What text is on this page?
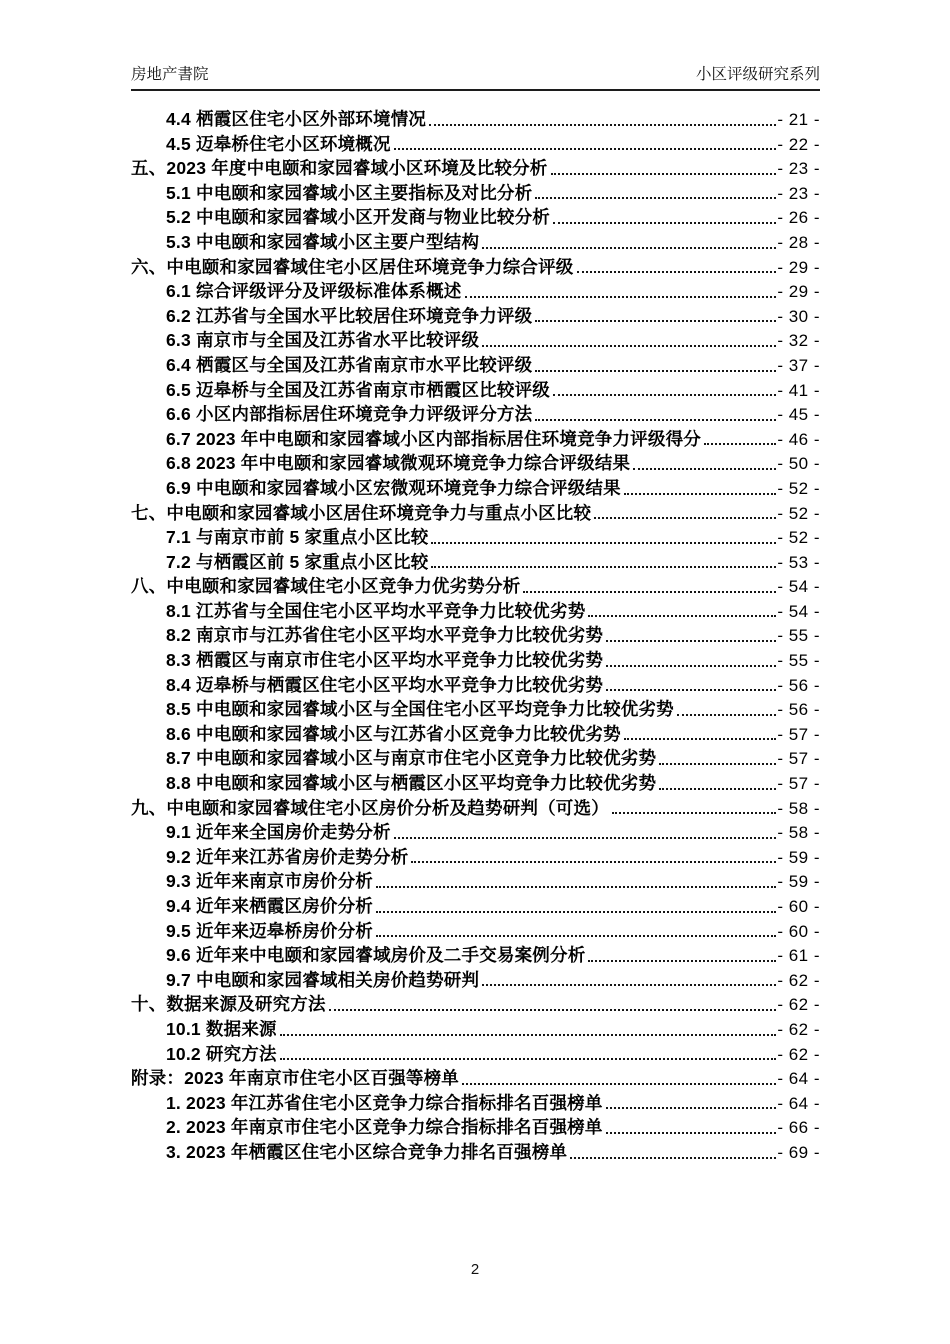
房地产書院	小区评级研究系列
4.4 栖霞区住宅小区外部环境情况	- 21 -
4.5 迈皋桥住宅小区环境概况	- 22 -
五、2023 年度中电颐和家园睿域小区环境及比较分析	- 23 -
5.1 中电颐和家园睿域小区主要指标及对比分析	- 23 -
5.2 中电颐和家园睿域小区开发商与物业比较分析	- 26 -
5.3 中电颐和家园睿域小区主要户型结构	- 28 -
六、中电颐和家园睿域住宅小区居住环境竞争力综合评级	- 29 -
6.1 综合评级评分及评级标准体系概述	- 29 -
6.2 江苏省与全国水平比较居住环境竞争力评级	- 30 -
6.3 南京市与全国及江苏省水平比较评级	- 32 -
6.4 栖霞区与全国及江苏省南京市水平比较评级	- 37 -
6.5 迈皋桥与全国及江苏省南京市栖霞区比较评级	- 41 -
6.6 小区内部指标居住环境竞争力评级评分方法	- 45 -
6.7 2023 年中电颐和家园睿域小区内部指标居住环境竞争力评级得分	- 46 -
6.8 2023 年中电颐和家园睿域微观环境竞争力综合评级结果	- 50 -
6.9 中电颐和家园睿域小区宏微观环境竞争力综合评级结果	- 52 -
七、中电颐和家园睿域小区居住环境竞争力与重点小区比较	- 52 -
7.1 与南京市前 5 家重点小区比较	- 52 -
7.2 与栖霞区前 5 家重点小区比较	- 53 -
八、中电颐和家园睿域住宅小区竞争力优劣势分析	- 54 -
8.1 江苏省与全国住宅小区平均水平竞争力比较优劣势	- 54 -
8.2 南京市与江苏省住宅小区平均水平竞争力比较优劣势	- 55 -
8.3 栖霞区与南京市住宅小区平均水平竞争力比较优劣势	- 55 -
8.4 迈皋桥与栖霞区住宅小区平均水平竞争力比较优劣势	- 56 -
8.5 中电颐和家园睿域小区与全国住宅小区平均竞争力比较优劣势	- 56 -
8.6 中电颐和家园睿域小区与江苏省小区竞争力比较优劣势	- 57 -
8.7 中电颐和家园睿域小区与南京市住宅小区竞争力比较优劣势	- 57 -
8.8 中电颐和家园睿域小区与栖霞区小区平均竞争力比较优劣势	- 57 -
九、中电颐和家园睿域住宅小区房价分析及趋势研判（可选）	- 58 -
9.1 近年来全国房价走势分析	- 58 -
9.2 近年来江苏省房价走势分析	- 59 -
9.3 近年来南京市房价分析	- 59 -
9.4 近年来栖霞区房价分析	- 60 -
9.5 近年来迈皋桥房价分析	- 60 -
9.6 近年来中电颐和家园睿域房价及二手交易案例分析	- 61 -
9.7 中电颐和家园睿域相关房价趋势研判	- 62 -
十、数据来源及研究方法	- 62 -
10.1 数据来源	- 62 -
10.2 研究方法	- 62 -
附录：2023 年南京市住宅小区百强等榜单	- 64 -
1. 2023 年江苏省住宅小区竞争力综合指标排名百强榜单	- 64 -
2. 2023 年南京市住宅小区竞争力综合指标排名百强榜单	- 66 -
3. 2023 年栖霞区住宅小区综合竞争力排名百强榜单	- 69 -
2
